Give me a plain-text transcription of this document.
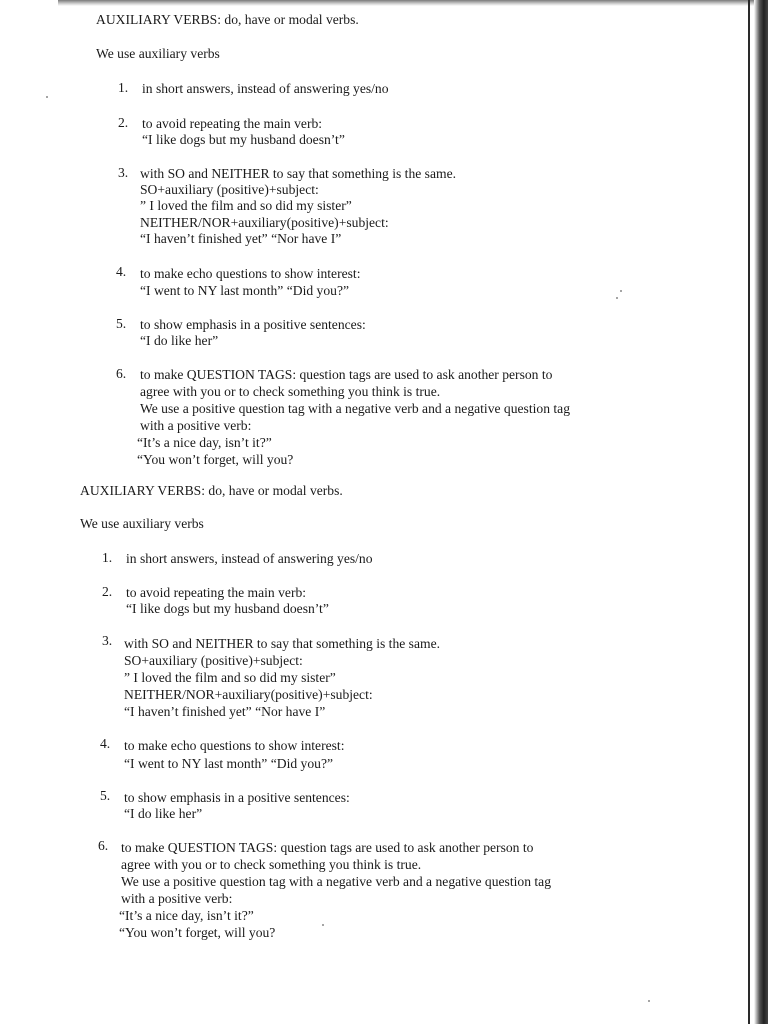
AUXILIARY VERBS: do, have or modal verbs.
We use auxiliary verbs
1. in short answers, instead of answering yes/no
2. to avoid repeating the main verb:
“I like dogs but my husband doesn’t”
3. with SO and NEITHER to say that something is the same.
SO+auxiliary (positive)+subject:
” I loved the film and so did my sister”
NEITHER/NOR+auxiliary(positive)+subject:
“I haven’t finished yet” “Nor have I”
4. to make echo questions to show interest:
“I went to NY last month” “Did you?”
5. to show emphasis in a positive sentences:
“I do like her”
6. to make QUESTION TAGS: question tags are used to ask another person to
agree with you or to check something you think is true.
We use a positive question tag with a negative verb and a negative question tag
with a positive verb:
“It’s a nice day, isn’t it?”
“You won’t forget, will you?
AUXILIARY VERBS: do, have or modal verbs.
We use auxiliary verbs
1. in short answers, instead of answering yes/no
2. to avoid repeating the main verb:
“I like dogs but my husband doesn’t”
3. with SO and NEITHER to say that something is the same.
SO+auxiliary (positive)+subject:
” I loved the film and so did my sister”
NEITHER/NOR+auxiliary(positive)+subject:
“I haven’t finished yet” “Nor have I”
4. to make echo questions to show interest:
“I went to NY last month” “Did you?”
5. to show emphasis in a positive sentences:
“I do like her”
6. to make QUESTION TAGS: question tags are used to ask another person to
agree with you or to check something you think is true.
We use a positive question tag with a negative verb and a negative question tag
with a positive verb:
“It’s a nice day, isn’t it?”
“You won’t forget, will you?
